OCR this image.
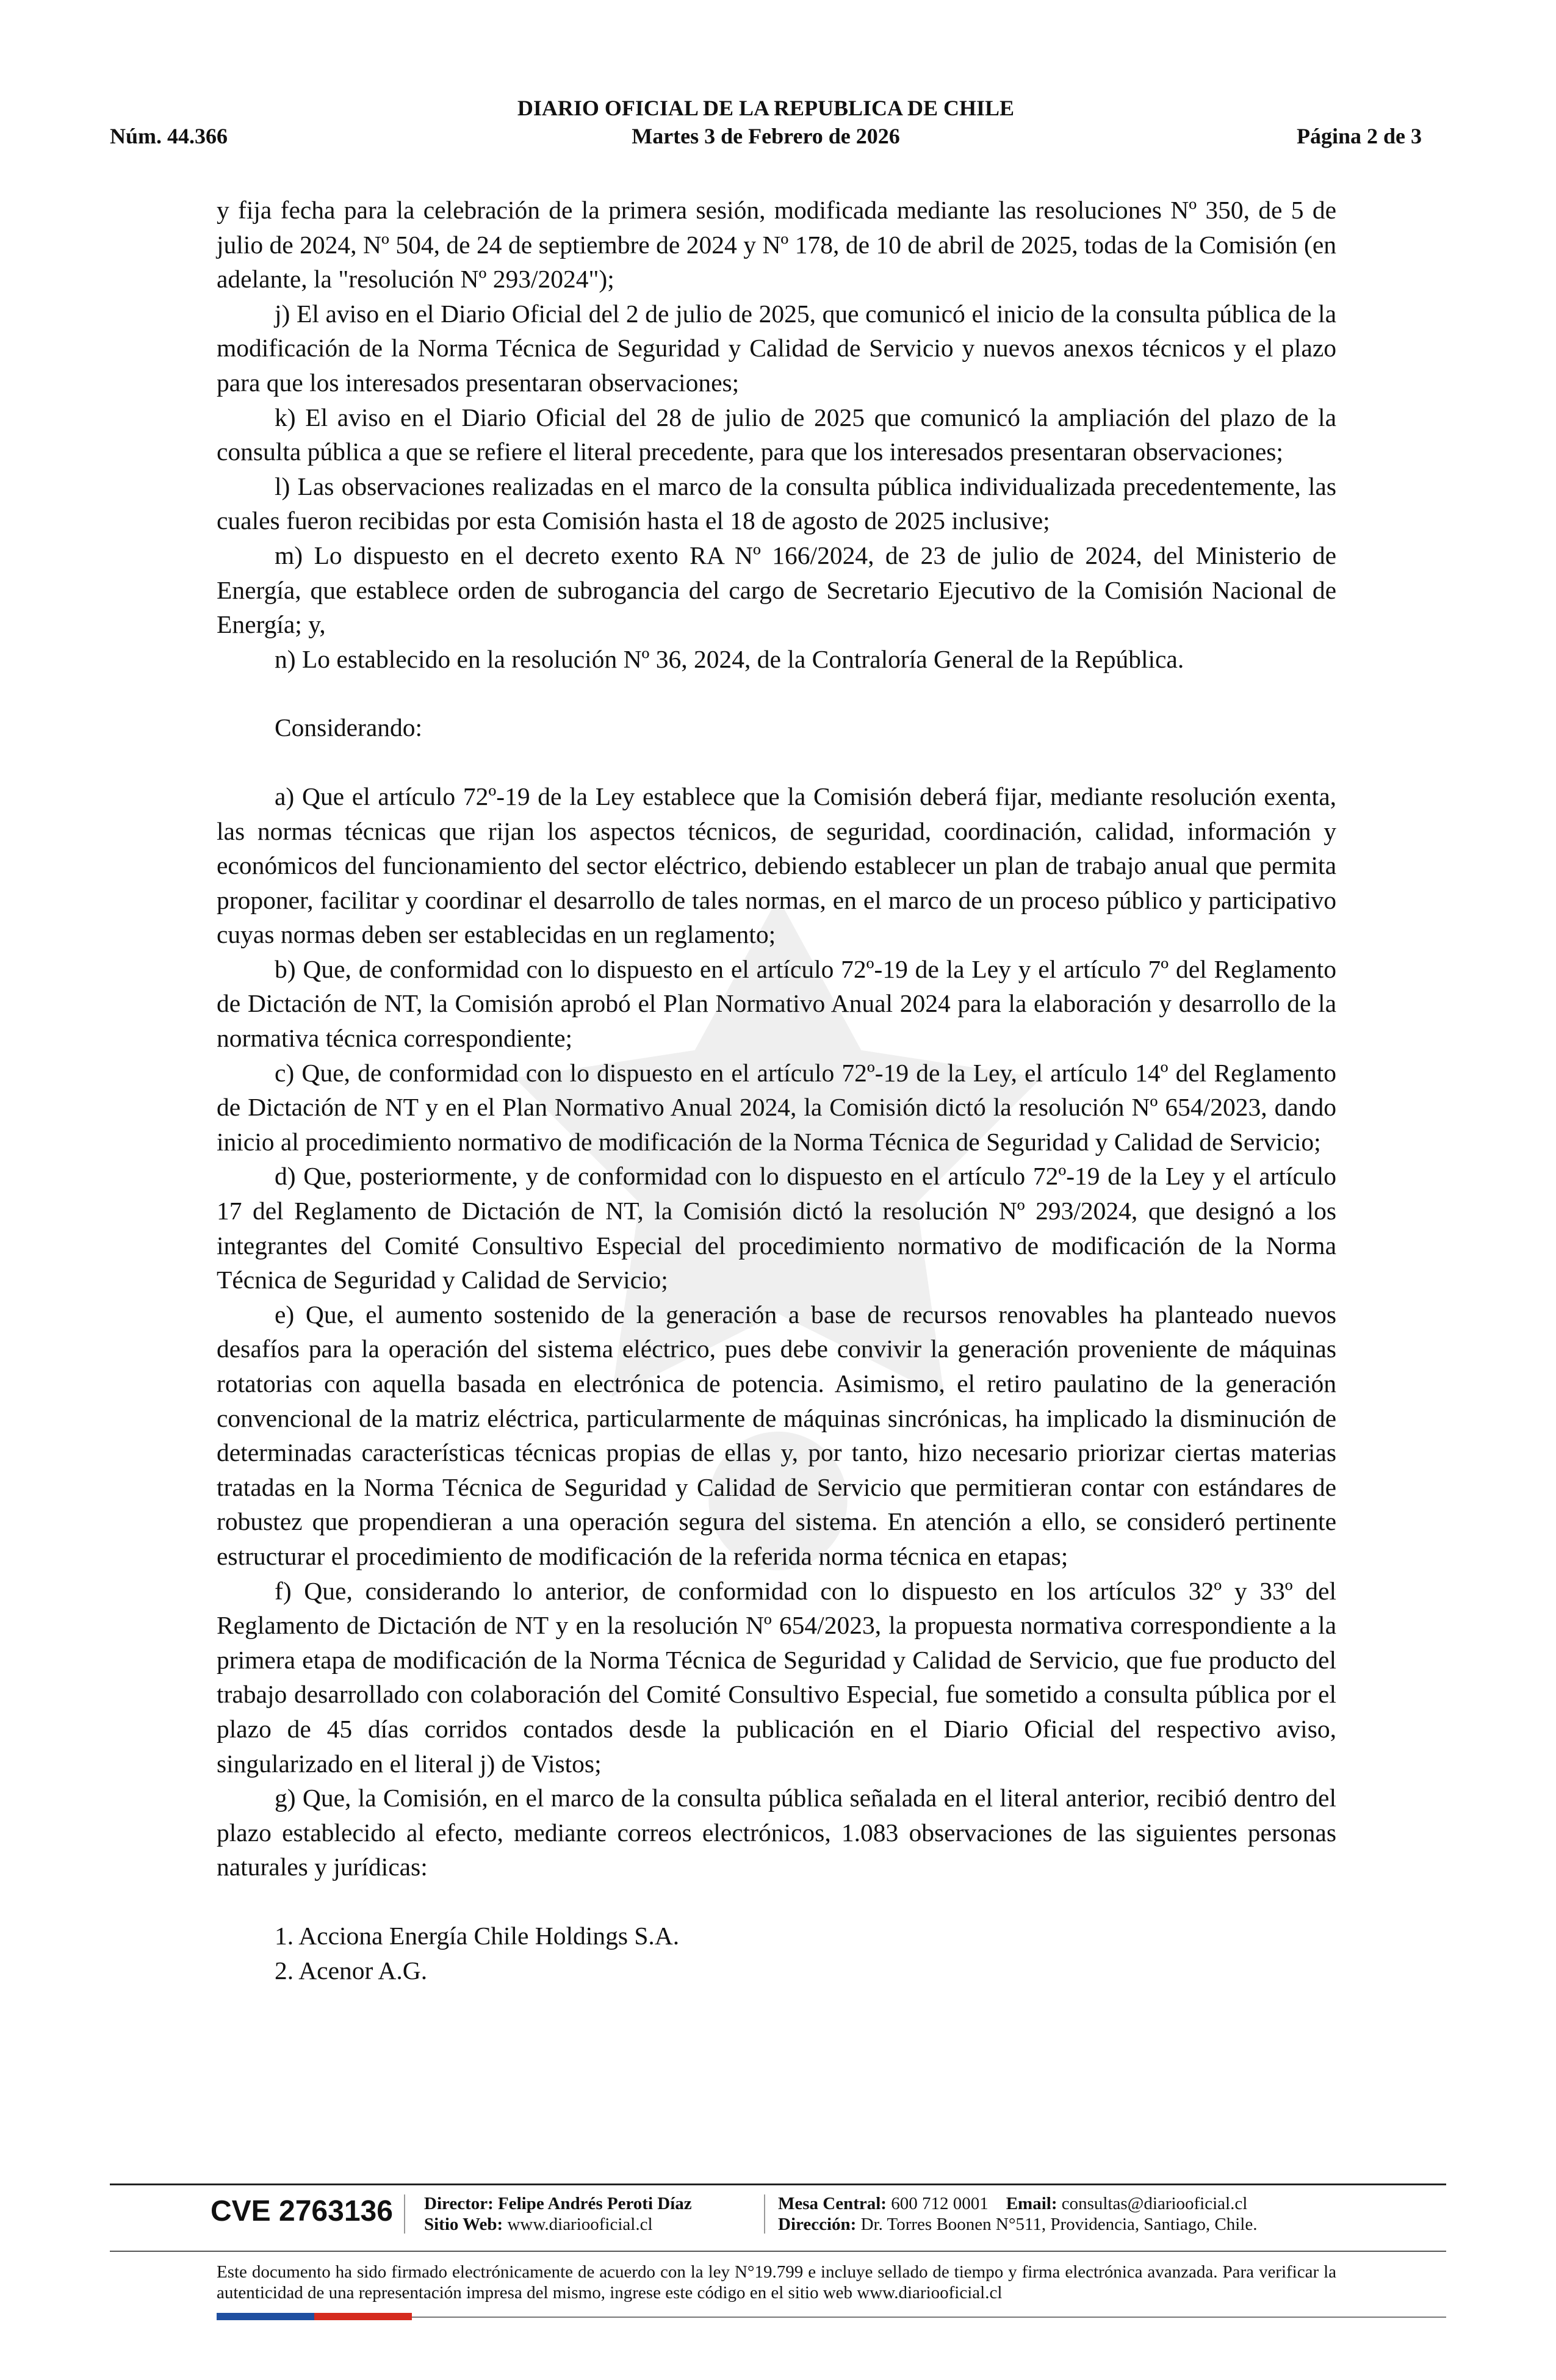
DIARIO OFICIAL DE LA REPUBLICA DE CHILE
Núm. 44.366	Martes 3 de Febrero de 2026	Página 2 de 3

y fija fecha para la celebración de la primera sesión, modificada mediante las resoluciones Nº 350, de 5 de julio de 2024, Nº 504, de 24 de septiembre de 2024 y Nº 178, de 10 de abril de 2025, todas de la Comisión (en adelante, la "resolución Nº 293/2024");

j) El aviso en el Diario Oficial del 2 de julio de 2025, que comunicó el inicio de la consulta pública de la modificación de la Norma Técnica de Seguridad y Calidad de Servicio y nuevos anexos técnicos y el plazo para que los interesados presentaran observaciones;

k) El aviso en el Diario Oficial del 28 de julio de 2025 que comunicó la ampliación del plazo de la consulta pública a que se refiere el literal precedente, para que los interesados presentaran observaciones;

l) Las observaciones realizadas en el marco de la consulta pública individualizada precedentemente, las cuales fueron recibidas por esta Comisión hasta el 18 de agosto de 2025 inclusive;

m) Lo dispuesto en el decreto exento RA Nº 166/2024, de 23 de julio de 2024, del Ministerio de Energía, que establece orden de subrogancia del cargo de Secretario Ejecutivo de la Comisión Nacional de Energía; y,

n) Lo establecido en la resolución Nº 36, 2024, de la Contraloría General de la República.

Considerando:

a) Que el artículo 72º-19 de la Ley establece que la Comisión deberá fijar, mediante resolución exenta, las normas técnicas que rijan los aspectos técnicos, de seguridad, coordinación, calidad, información y económicos del funcionamiento del sector eléctrico, debiendo establecer un plan de trabajo anual que permita proponer, facilitar y coordinar el desarrollo de tales normas, en el marco de un proceso público y participativo cuyas normas deben ser establecidas en un reglamento;

b) Que, de conformidad con lo dispuesto en el artículo 72º-19 de la Ley y el artículo 7º del Reglamento de Dictación de NT, la Comisión aprobó el Plan Normativo Anual 2024 para la elaboración y desarrollo de la normativa técnica correspondiente;

c) Que, de conformidad con lo dispuesto en el artículo 72º-19 de la Ley, el artículo 14º del Reglamento de Dictación de NT y en el Plan Normativo Anual 2024, la Comisión dictó la resolución Nº 654/2023, dando inicio al procedimiento normativo de modificación de la Norma Técnica de Seguridad y Calidad de Servicio;

d) Que, posteriormente, y de conformidad con lo dispuesto en el artículo 72º-19 de la Ley y el artículo 17 del Reglamento de Dictación de NT, la Comisión dictó la resolución Nº 293/2024, que designó a los integrantes del Comité Consultivo Especial del procedimiento normativo de modificación de la Norma Técnica de Seguridad y Calidad de Servicio;

e) Que, el aumento sostenido de la generación a base de recursos renovables ha planteado nuevos desafíos para la operación del sistema eléctrico, pues debe convivir la generación proveniente de máquinas rotatorias con aquella basada en electrónica de potencia. Asimismo, el retiro paulatino de la generación convencional de la matriz eléctrica, particularmente de máquinas sincrónicas, ha implicado la disminución de determinadas características técnicas propias de ellas y, por tanto, hizo necesario priorizar ciertas materias tratadas en la Norma Técnica de Seguridad y Calidad de Servicio que permitieran contar con estándares de robustez que propendieran a una operación segura del sistema. En atención a ello, se consideró pertinente estructurar el procedimiento de modificación de la referida norma técnica en etapas;

f) Que, considerando lo anterior, de conformidad con lo dispuesto en los artículos 32º y 33º del Reglamento de Dictación de NT y en la resolución Nº 654/2023, la propuesta normativa correspondiente a la primera etapa de modificación de la Norma Técnica de Seguridad y Calidad de Servicio, que fue producto del trabajo desarrollado con colaboración del Comité Consultivo Especial, fue sometido a consulta pública por el plazo de 45 días corridos contados desde la publicación en el Diario Oficial del respectivo aviso, singularizado en el literal j) de Vistos;

g) Que, la Comisión, en el marco de la consulta pública señalada en el literal anterior, recibió dentro del plazo establecido al efecto, mediante correos electrónicos, 1.083 observaciones de las siguientes personas naturales y jurídicas:

1. Acciona Energía Chile Holdings S.A.

2. Acenor A.G.

CVE 2763136 Director: Felipe Andrés Peroti Díaz
Sitio Web: www.diariooficial.cl
Mesa Central: 600 712 0001 Email: consultas@diariooficial.cl
Dirección: Dr. Torres Boonen N°511, Providencia, Santiago, Chile.
Este documento ha sido firmado electrónicamente de acuerdo con la ley N°19.799 e incluye sellado de tiempo y firma electrónica avanzada. Para verificar la autenticidad de una representación impresa del mismo, ingrese este código en el sitio web www.diariooficial.cl
